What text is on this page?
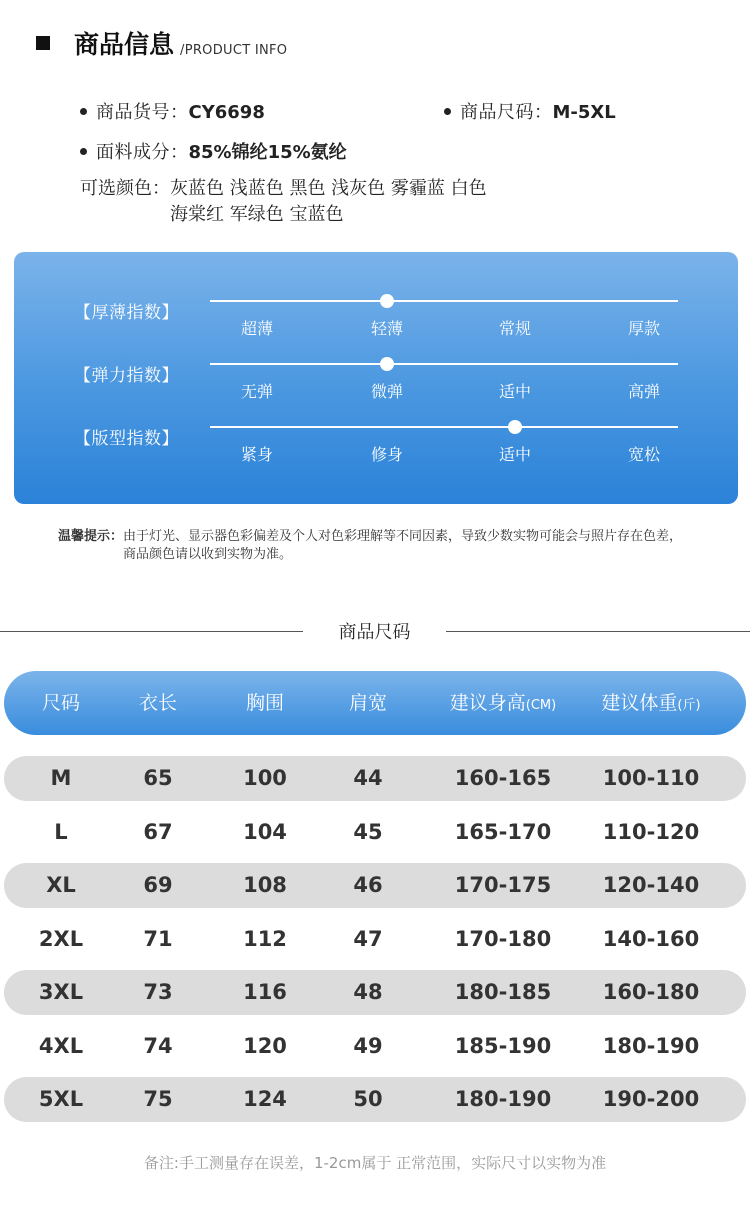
商品信息 /PRODUCT INFO
商品货号：CY6698	商品尺码：M-5XL
面料成分：85%锦纶15%氨纶
可选颜色： 灰蓝色 浅蓝色 黑色 浅灰色 雾霾蓝 白色
海棠红 军绿色 宝蓝色
【厚薄指数】
超薄	轻薄	常规	厚款
【弹力指数】
无弹	微弹	适中	高弹
【版型指数】
紧身	修身	适中	宽松
温馨提示： 由于灯光、显示器色彩偏差及个人对色彩理解等不同因素，导致少数实物可能会与照片存在色差，商品颜色请以收到实物为准。
商品尺码
尺码	衣长	胸围	肩宽	建议身高(CM)	建议体重(斤)
M	65	100	44	160-165	100-110
L	67	104	45	165-170	110-120
XL	69	108	46	170-175	120-140
2XL	71	112	47	170-180	140-160
3XL	73	116	48	180-185	160-180
4XL	74	120	49	185-190	180-190
5XL	75	124	50	180-190	190-200
备注:手工测量存在误差，1-2cm属于 正常范围，实际尺寸以实物为准
